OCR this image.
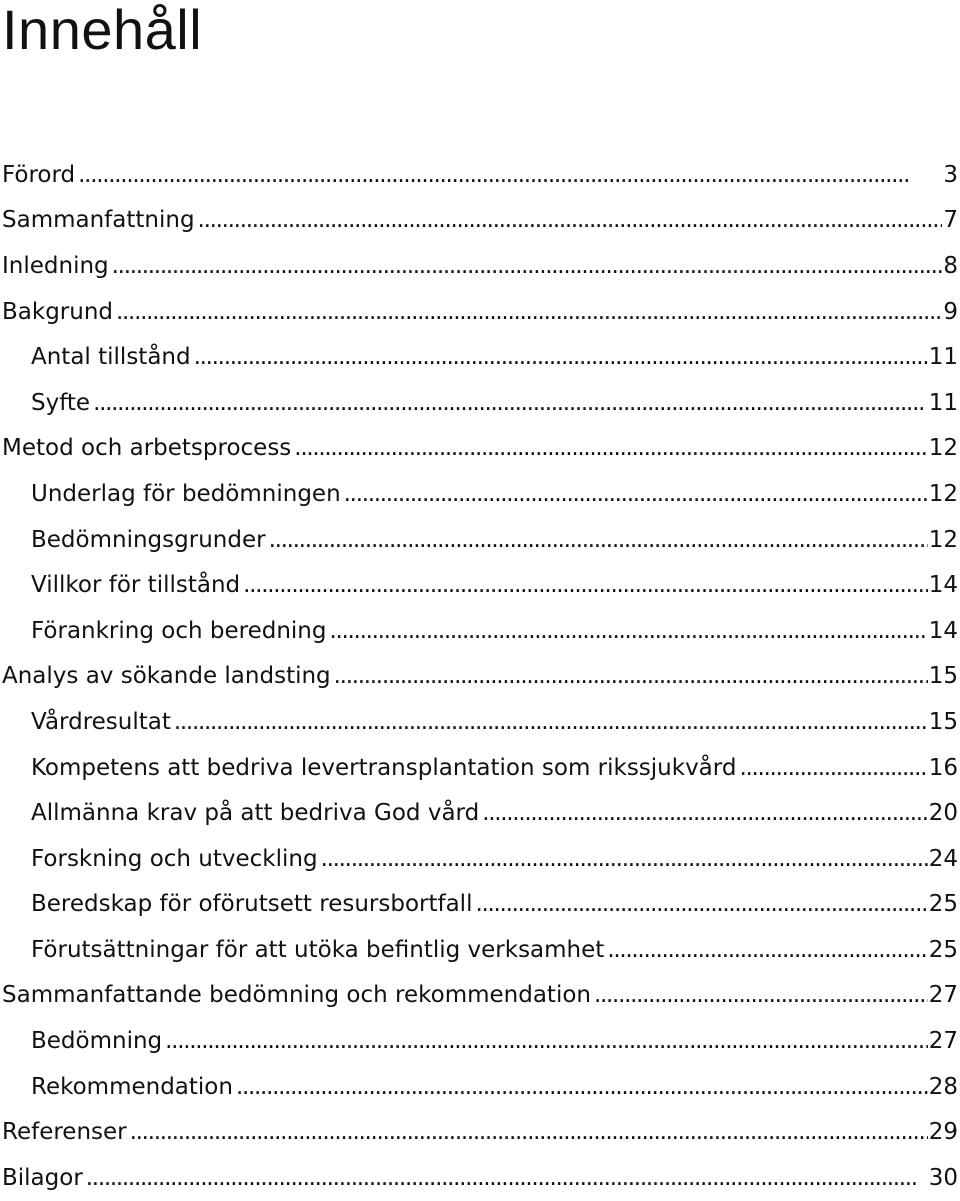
Innehåll
Förord . . .	3
Sammanfattning . . .	7
Inledning . . .	8
Bakgrund . . .	9
Antal tillstånd . . .	11
Syfte . . .	11
Metod och arbetsprocess . . .	12
Underlag för bedömningen . . .	12
Bedömningsgrunder . . .	12
Villkor för tillstånd . . .	14
Förankring och beredning . . .	14
Analys av sökande landsting . . .	15
Vårdresultat . . .	15
Kompetens att bedriva levertransplantation som rikssjukvård . . .	16
Allmänna krav på att bedriva God vård . . .	20
Forskning och utveckling . . .	24
Beredskap för oförutsett resursbortfall . . .	25
Förutsättningar för att utöka befintlig verksamhet . . .	25
Sammanfattande bedömning och rekommendation . . .	27
Bedömning . . .	27
Rekommendation . . .	28
Referenser . . .	29
Bilagor . . .	30
